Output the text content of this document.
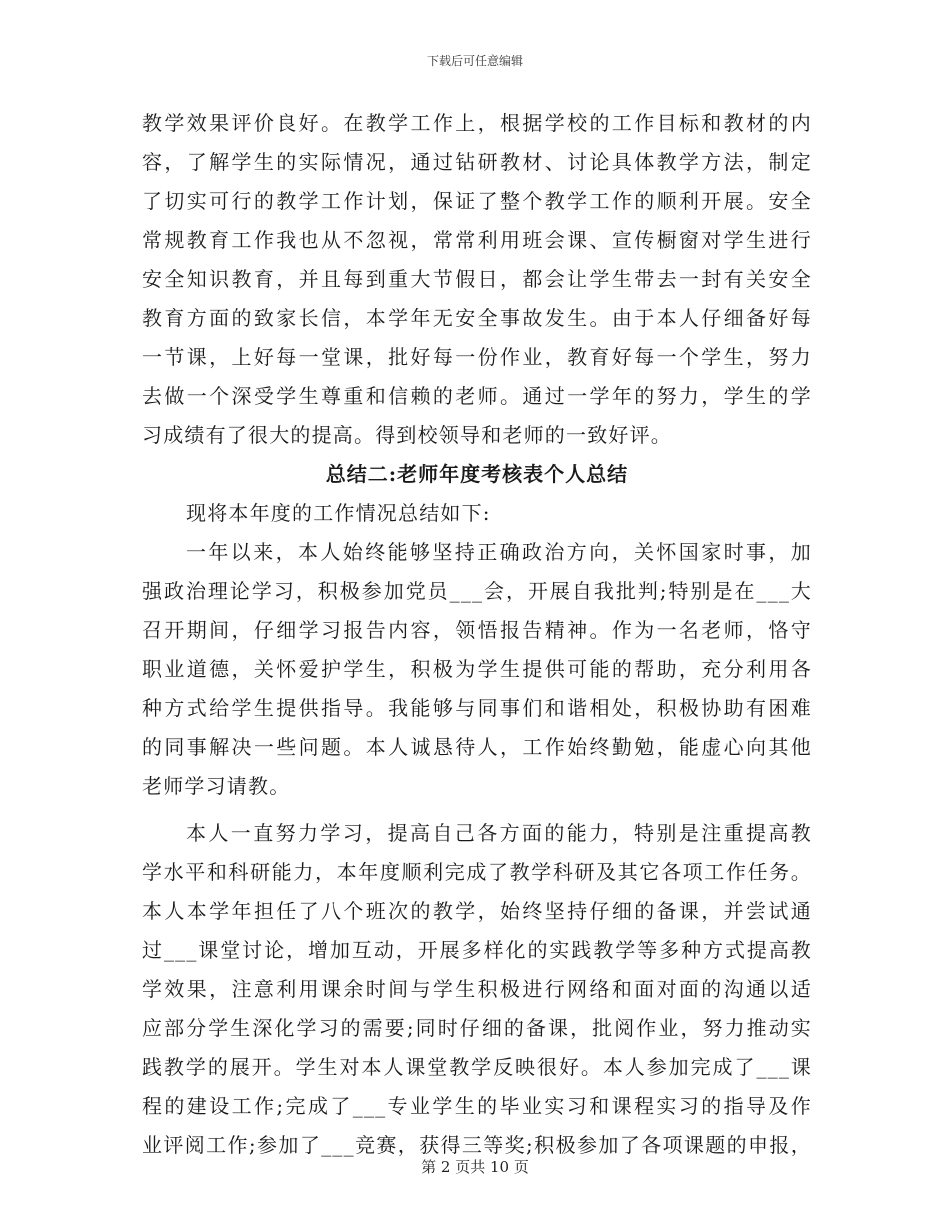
下载后可任意编辑
教学效果评价良好。在教学工作上，根据学校的工作目标和教材的内
容，了解学生的实际情况，通过钻研教材、讨论具体教学方法，制定
了切实可行的教学工作计划，保证了整个教学工作的顺利开展。安全
常规教育工作我也从不忽视，常常利用班会课、宣传橱窗对学生进行
安全知识教育，并且每到重大节假日，都会让学生带去一封有关安全
教育方面的致家长信，本学年无安全事故发生。由于本人仔细备好每
一节课，上好每一堂课，批好每一份作业，教育好每一个学生，努力
去做一个深受学生尊重和信赖的老师。通过一学年的努力，学生的学
习成绩有了很大的提高。得到校领导和老师的一致好评。
总结二:老师年度考核表个人总结
现将本年度的工作情况总结如下:
一年以来，本人始终能够坚持正确政治方向，关怀国家时事，加
强政治理论学习，积极参加党员___会，开展自我批判;特别是在___大
召开期间，仔细学习报告内容，领悟报告精神。作为一名老师，恪守
职业道德，关怀爱护学生，积极为学生提供可能的帮助，充分利用各
种方式给学生提供指导。我能够与同事们和谐相处，积极协助有困难
的同事解决一些问题。本人诚恳待人，工作始终勤勉，能虚心向其他
老师学习请教。
本人一直努力学习，提高自己各方面的能力，特别是注重提高教
学水平和科研能力，本年度顺利完成了教学科研及其它各项工作任务。
本人本学年担任了八个班次的教学，始终坚持仔细的备课，并尝试通
过___课堂讨论，增加互动，开展多样化的实践教学等多种方式提高教
学效果，注意利用课余时间与学生积极进行网络和面对面的沟通以适
应部分学生深化学习的需要;同时仔细的备课，批阅作业，努力推动实
践教学的展开。学生对本人课堂教学反映很好。本人参加完成了___课
程的建设工作;完成了___专业学生的毕业实习和课程实习的指导及作
业评阅工作;参加了___竞赛，获得三等奖;积极参加了各项课题的申报，
第 2 页共 10 页
